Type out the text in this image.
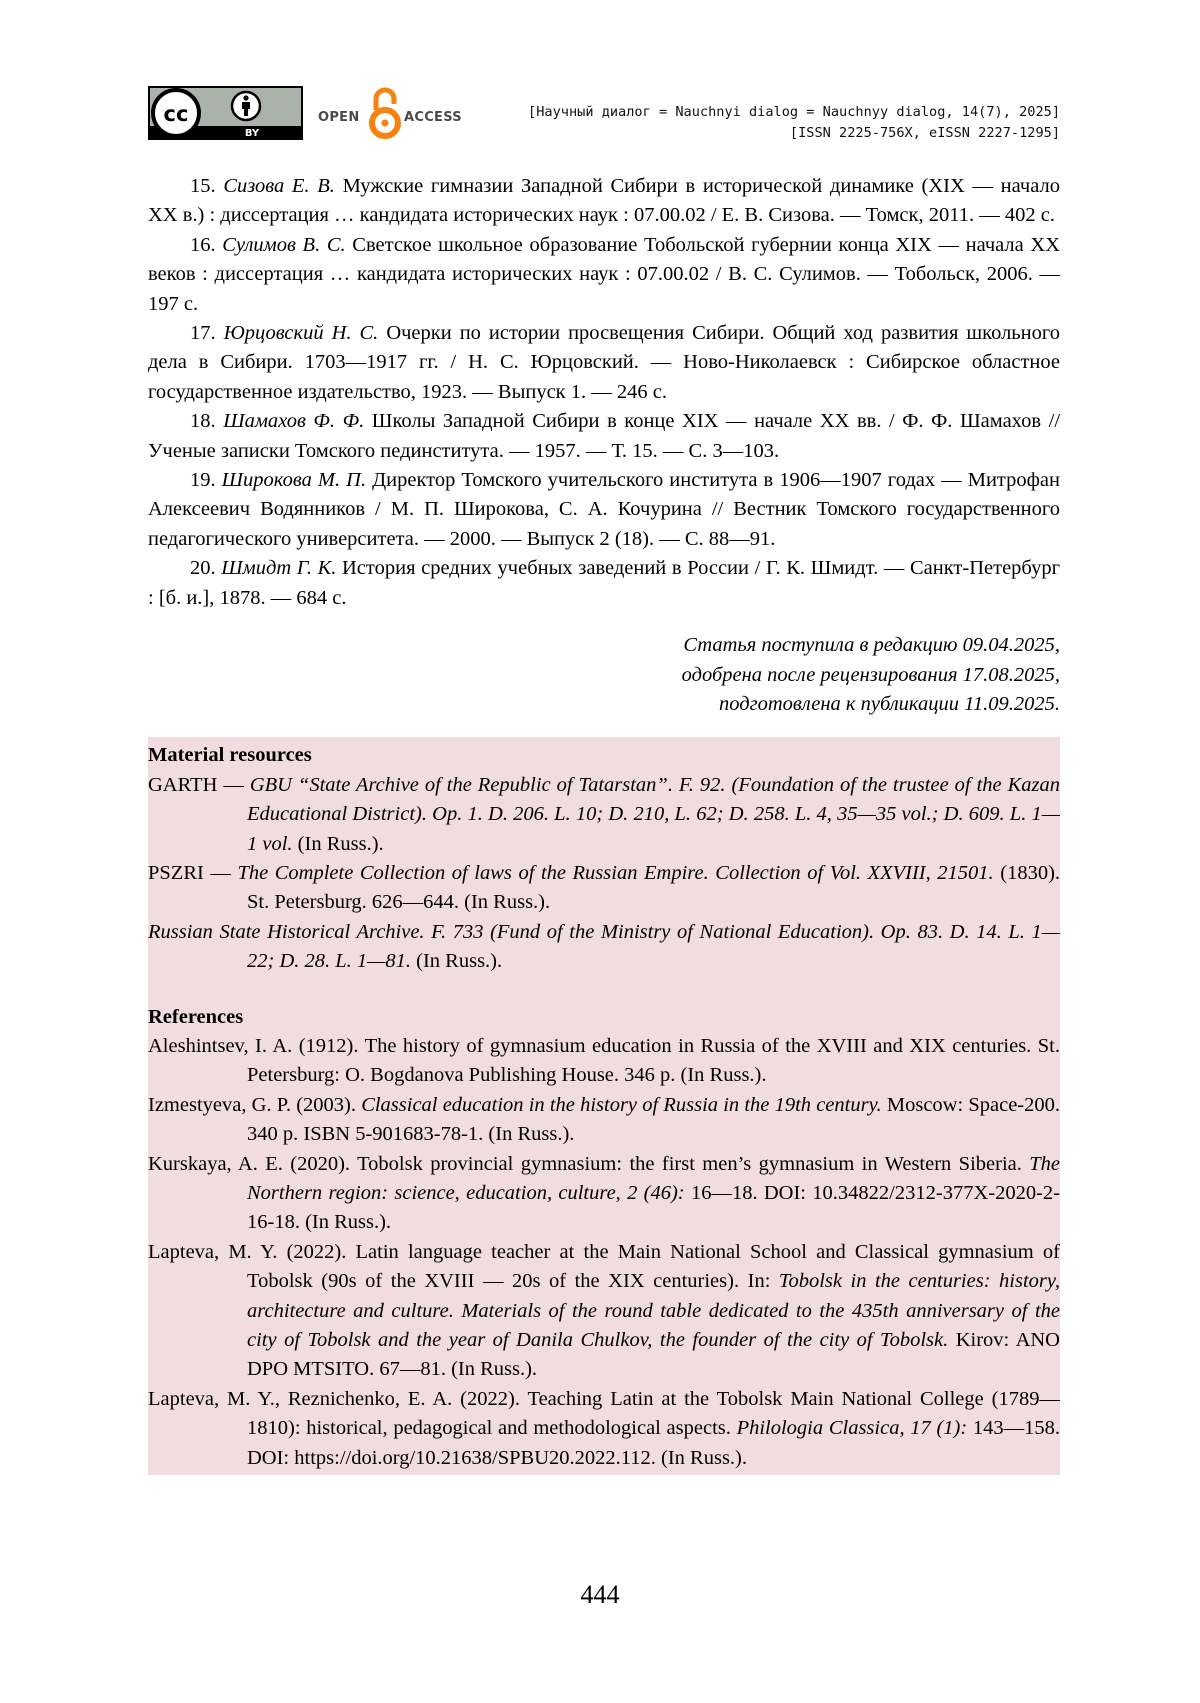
cc
BY
OPEN	ACCESS	[Научный диалог = Nauchnyi dialog = Nauchnyy dialog, 14(7), 2025]
[ISSN 2225-756X, eISSN 2227-1295]

15. Сизова Е. В. Мужские гимназии Западной Сибири в исторической динамике (XIX — начало XX в.) : диссертация … кандидата исторических наук : 07.00.02 / Е. В. Сизова. — Томск, 2011. — 402 с.

16. Сулимов В. С. Светское школьное образование Тобольской губернии конца XIX — начала XX веков : диссертация … кандидата исторических наук : 07.00.02 / В. С. Сулимов. — Тобольск, 2006. — 197 с.

17. Юрцовский Н. С. Очерки по истории просвещения Сибири. Общий ход развития школьного дела в Сибири. 1703—1917 гг. / Н. С. Юрцовский. — Ново-Николаевск : Сибирское областное государственное издательство, 1923. — Выпуск 1. — 246 с.

18. Шамахов Ф. Ф. Школы Западной Сибири в конце XIX — начале XX вв. / Ф. Ф. Шамахов // Ученые записки Томского пединститута. — 1957. — Т. 15. — С. 3—103.

19. Широкова М. П. Директор Томского учительского института в 1906—1907 годах — Митрофан Алексеевич Водянников / М. П. Широкова, С. А. Кочурина // Вестник Томского государственного педагогического университета. — 2000. — Выпуск 2 (18). — С. 88—91.

20. Шмидт Г. К. История средних учебных заведений в России / Г. К. Шмидт. — Санкт-Петербург : [б. и.], 1878. — 684 с.

Статья поступила в редакцию 09.04.2025,
одобрена после рецензирования 17.08.2025,
подготовлена к публикации 11.09.2025.

Material resources

GARTH — GBU “State Archive of the Republic of Tatarstan”. F. 92. (Foundation of the trustee of the Kazan Educational District). Op. 1. D. 206. L. 10; D. 210, L. 62; D. 258. L. 4, 35—35 vol.; D. 609. L. 1—1 vol. (In Russ.).

PSZRI — The Complete Collection of laws of the Russian Empire. Collection of Vol. XXVIII, 21501. (1830). St. Petersburg. 626—644. (In Russ.).

Russian State Historical Archive. F. 733 (Fund of the Ministry of National Education). Op. 83. D. 14. L. 1—22; D. 28. L. 1—81. (In Russ.).

References

Aleshintsev, I. A. (1912). The history of gymnasium education in Russia of the XVIII and XIX centuries. St. Petersburg: O. Bogdanova Publishing House. 346 p. (In Russ.).

Izmestyeva, G. P. (2003). Classical education in the history of Russia in the 19th century. Moscow: Space-200. 340 p. ISBN 5-901683-78-1. (In Russ.).

Kurskaya, A. E. (2020). Tobolsk provincial gymnasium: the first men’s gymnasium in Western Siberia. The Northern region: science, education, culture, 2 (46): 16—18. DOI: 10.34822/2312-377X-2020-2-16-18. (In Russ.).

Lapteva, M. Y. (2022). Latin language teacher at the Main National School and Classical gymnasium of Tobolsk (90s of the XVIII — 20s of the XIX centuries). In: Tobolsk in the centuries: history, architecture and culture. Materials of the round table dedicated to the 435th anniversary of the city of Tobolsk and the year of Danila Chulkov, the founder of the city of Tobolsk. Kirov: ANO DPO MTSITO. 67—81. (In Russ.).

Lapteva, M. Y., Reznichenko, E. A. (2022). Teaching Latin at the Tobolsk Main National College (1789—1810): historical, pedagogical and methodological aspects. Philologia Classica, 17 (1): 143—158. DOI: https://doi.org/10.21638/SPBU20.2022.112. (In Russ.).

444
